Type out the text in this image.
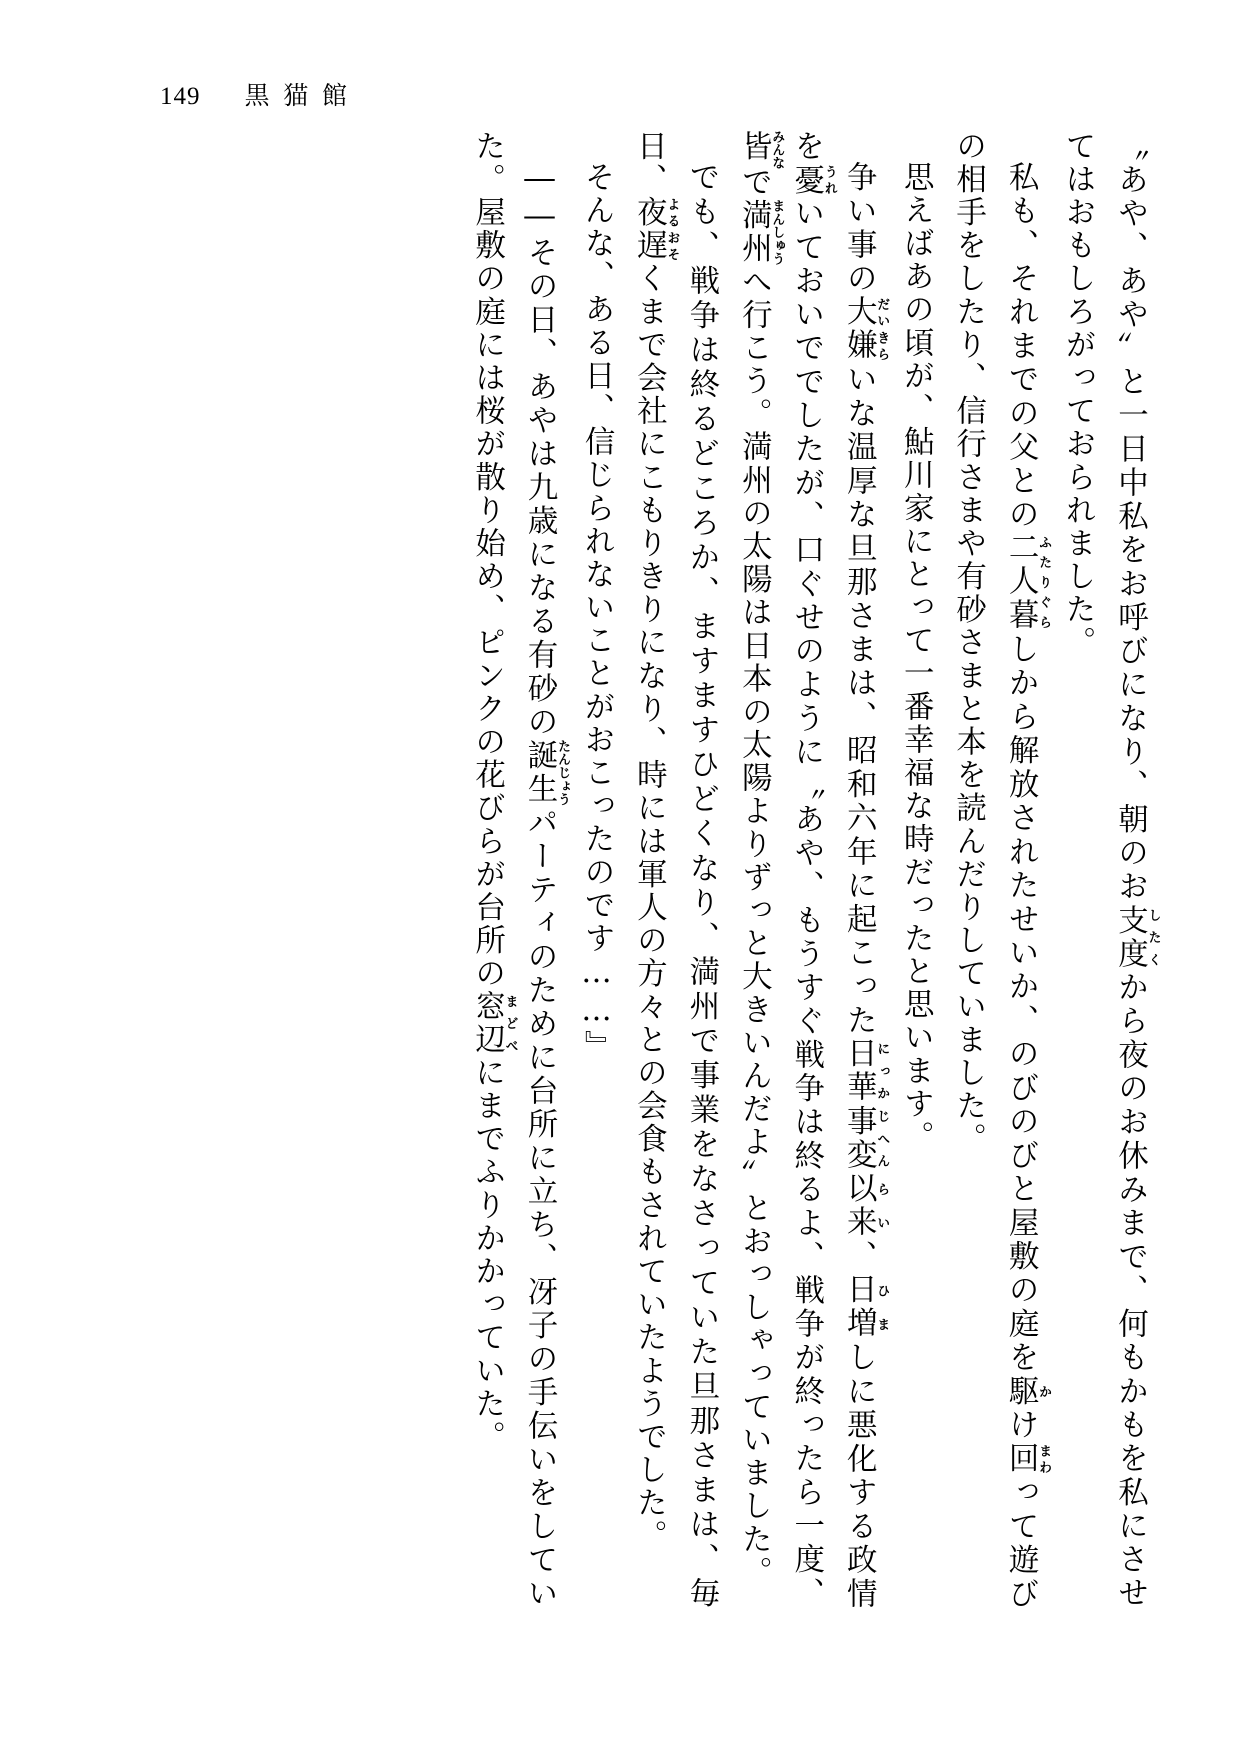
149 黒猫館

〝あや、あや〟と一日中私をお呼びになり、朝のお支度したくから夜のお休みまで、何もかもを私にさせてはおもしろがっておられました。

私も、それまでの父との二人暮ふたりぐらしから解放されたせいか、のびのびと屋敷の庭を駆かけ回まわって遊びの相手をしたり、信行さまや有砂さまと本を読んだりしていました。

思えばあの頃が、鮎川家にとって一番幸福な時だったと思います。

争い事の大嫌だいきらいな温厚な旦那さまは、昭和六年に起こった日華にっか事変じへん以来らい、日増ひましに悪化する政情を憂うれいておいででしたが、口ぐせのように〝あや、もうすぐ戦争は終るよ、戦争が終ったら一度、皆みんなで満州まんしゅうへ行こう。満州の太陽は日本の太陽よりずっと大きいんだよ〟とおっしゃっていました。

でも、戦争は終るどころか、ますますひどくなり、満州で事業をなさっていた旦那さまは、毎日、夜遅よるおそくまで会社にこもりきりになり、時には軍人の方々との会食もされていたようでした。

そんな、ある日、信じられないことがおこったのです……』

――その日、あやは九歳になる有砂の誕生たんじょうパーティのために台所に立ち、冴子の手伝いをしていた。屋敷の庭には桜が散り始め、ピンクの花びらが台所の窓辺まどべにまでふりかかっていた。
